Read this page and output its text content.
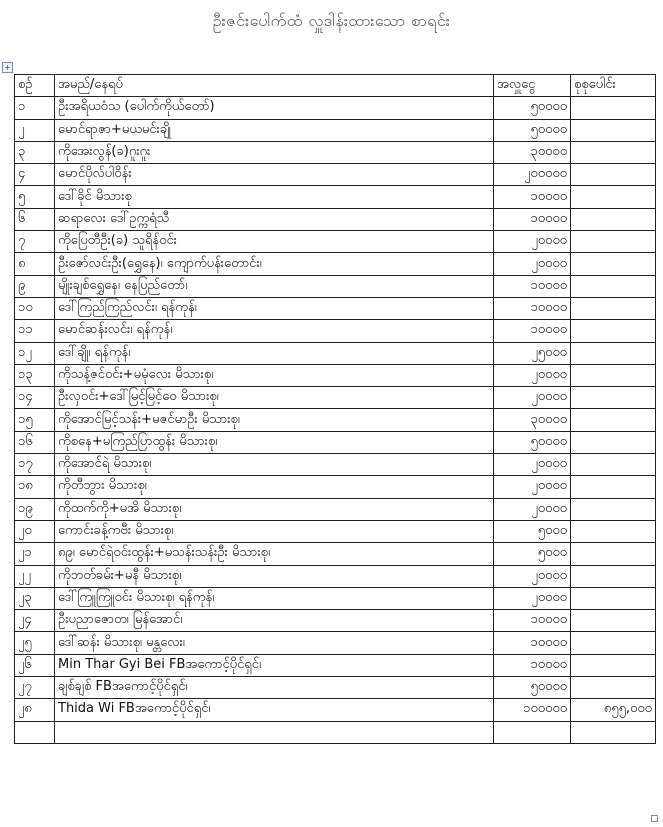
ဦးဇင်းပေါက်ထံ လှူဒါန်းထားသော စာရင်း
+
စဉ်	အမည်/နေရပ်	အလှူငွေ	စုစုပေါင်း
၁	ဦးအရိယဝံသ (ပေါက်ကိုယ်တော်)	၅၀၀၀၀	
၂	မောင်ရာဇာ+မယမင်းချို	၅၀၀၀၀	
၃	ကိုအေးလွန်(ခ)ဂူးဂူး	၃၀၀၀၀	
၄	မောင်ပိုလ်ပါဝိန်း	၂၀၀၀၀၀	
၅	ဒေါ်ခိုင် မိသားစု	၁၀၀၀၀	
၆	ဆရာလေး ဒေါ်ဥက္ကရံသီ	၁၀၀၀၀	
၇	ကိုပြေတီဦး(ခ) သူရိန်ဝင်း	၂၀၀၀၀	
၈	ဦးဇော်လင်းဦး(ရွှေနေ)၊ ကျောက်ပန်းတောင်း၊	၂၀၀၀၀	
၉	မျိုးချစ်ရွှေနေ၊ နေပြည်တော်၊	၁၀၀၀၀	
၁၀	ဒေါ်ကြည်ကြည်လင်း၊ ရန်ကုန်၊	၁၀၀၀၀	
၁၁	မောင်ဆန်းလင်း၊ ရန်ကုန်၊	၁၀၀၀၀	
၁၂	ဒေါ်ချို၊ ရန်ကုန်၊	၂၅၀၀၀	
၁၃	ကိုသန့်ဇင်ဝင်း+မမုံလေး မိသားစု၊	၂၀၀၀၀	
၁၄	ဦးလှဝင်း+ဒေါ်မြင့်မြင့်ဝေ မိသားစု၊	၂၀၀၀၀	
၁၅	ကိုအောင်မြင့်သန်း+မဇင်မာဦး မိသားစု၊	၃၀၀၀၀	
၁၆	ကိုစနေ+မကြည်ပြာထွန်း မိသားစု၊	၅၀၀၀၀	
၁၇	ကိုအောင်ရဲ မိသားစု၊	၂၀၀၀၀	
၁၈	ကိုတီဘွား မိသားစု၊	၂၀၀၀၀	
၁၉	ကိုထက်ကို+မအိ မိသားစု၊	၂၀၀၀၀	
၂၀	ကောင်းခန့်ကဗီး မိသားစု၊	၅၀၀၀	
၂၁	၈၉၊ မောင်ရဲဝင်းထွန်း+မသန်းသန်းဦး မိသားစု၊	၅၀၀၀	
၂၂	ကိုဘတ်ခမ်း+မနီ မိသားစု၊	၂၀၀၀၀	
၂၃	ဒေါ်ကြူကြူဝင်း မိသားစု၊ ရန်ကုန်၊	၂၀၀၀၀	
၂၄	ဦးပညာဇောတ၊ မြန်အောင်၊	၁၀၀၀၀	
၂၅	ဒေါ်ဆန်း မိသားစု၊ မန္တလေး၊	၁၀၀၀၀	
၂၆	Min Thar Gyi Bei FBအကောင့်ပိုင်ရှင်၊	၁၀၀၀၀	
၂၇	ချစ်ချစ် FBအကောင့်ပိုင်ရှင်၊	၅၀၀၀၀	
၂၈	Thida Wi FBအကောင့်ပိုင်ရှင်၊	၁၀၀၀၀၀	၈၅၅,၀၀၀
